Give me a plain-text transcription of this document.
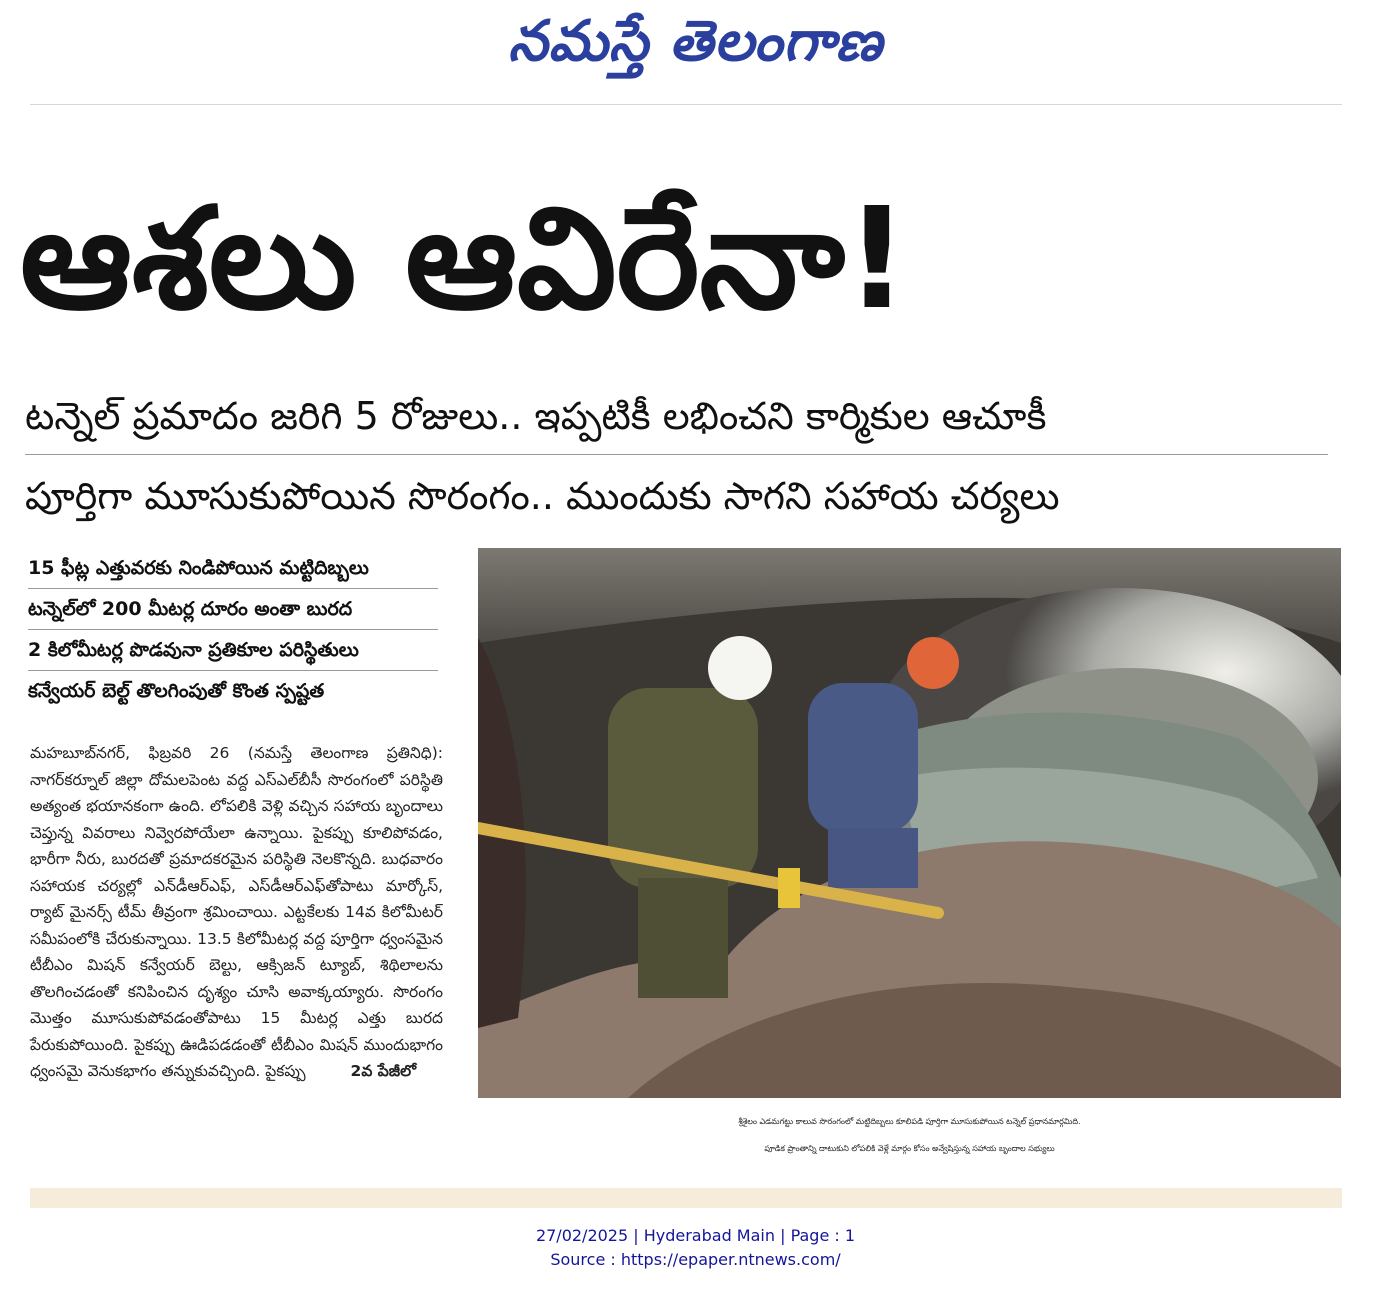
నమస్తే తెలంగాణ
ఆశలు ఆవిరేనా!
టన్నెల్ ప్రమాదం జరిగి 5 రోజులు.. ఇప్పటికీ లభించని కార్మికుల ఆచూకీ
పూర్తిగా మూసుకుపోయిన సొరంగం.. ముందుకు సాగని సహాయ చర్యలు
15 ఫీట్ల ఎత్తువరకు నిండిపోయిన మట్టిదిబ్బలు
టన్నెల్‌లో 200 మీటర్ల దూరం అంతా బురద
2 కిలోమీటర్ల పొడవునా ప్రతికూల పరిస్థితులు
కన్వేయర్ బెల్ట్ తొలగింపుతో కొంత స్పష్టత
మహబూబ్‌నగర్, ఫిబ్రవరి 26 (నమస్తే తెలంగాణ ప్రతినిధి): నాగర్‌కర్నూల్ జిల్లా దోమలపెంట వద్ద ఎస్‌ఎల్‌బీసీ సొరంగంలో పరిస్థితి అత్యంత భయానకంగా ఉంది. లోపలికి వెళ్లి వచ్చిన సహాయ బృందాలు చెప్తున్న వివరాలు నివ్వెరపోయేలా ఉన్నాయి. పైకప్పు కూలిపోవడం, భారీగా నీరు, బురదతో ప్రమాదకరమైన పరిస్థితి నెలకొన్నది. బుధవారం సహాయక చర్యల్లో ఎన్‌డీఆర్‌ఎఫ్, ఎస్‌డీఆర్‌ఎఫ్‌తోపాటు మార్కోస్, ర్యాట్ మైనర్స్ టీమ్ తీవ్రంగా శ్రమించాయి. ఎట్టకేలకు 14వ కిలోమీటర్ సమీపంలోకి చేరుకున్నాయి. 13.5 కిలోమీటర్ల వద్ద పూర్తిగా ధ్వంసమైన టీబీఎం మిషన్ కన్వేయర్ బెల్టు, ఆక్సిజన్ ట్యూబ్, శిథిలాలను తొలగించడంతో కనిపించిన దృశ్యం చూసి అవాక్కయ్యారు. సొరంగం మొత్తం మూసుకుపోవడంతోపాటు 15 మీటర్ల ఎత్తు బురద పేరుకుపోయింది. పైకప్పు ఊడిపడడంతో టీబీఎం మిషన్ ముందుభాగం ధ్వంసమై వెనుకభాగం తన్నుకువచ్చింది. పైకప్పు	2వ పేజీలో
శ్రీశైలం ఎడమగట్టు కాలువ సొరంగంలో మట్టిదిబ్బలు కూలిపడి పూర్తిగా మూసుకుపోయిన టన్నెల్ ప్రధానమార్గమిది.
పూడిక ప్రాంతాన్ని దాటుకుని లోపలికి వెళ్లే మార్గం కోసం అన్వేషిస్తున్న సహాయ బృందాల సభ్యులు
27/02/2025 | Hyderabad Main | Page : 1
Source : https://epaper.ntnews.com/
